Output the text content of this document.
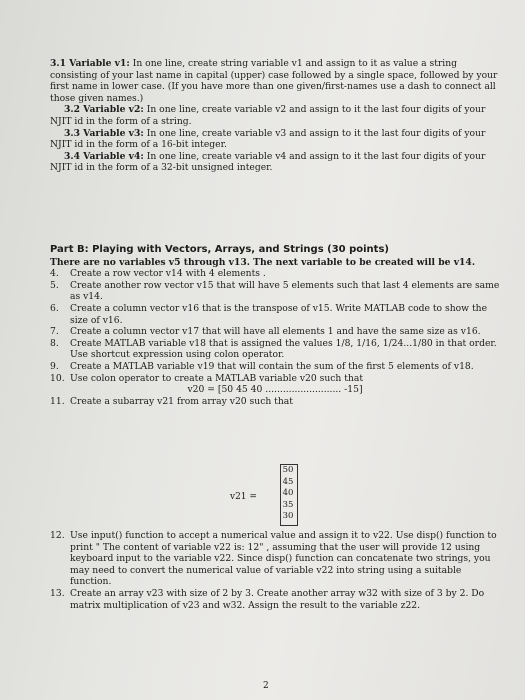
3.1 Variable v1: In one line, create string variable v1 and assign to it as value a string consisting of your last name in capital (upper) case followed by a single space, followed by your first name in lower case. (If you have more than one given/first-names use a dash to connect all those given names.)

3.2 Variable v2: In one line, create variable v2 and assign to it the last four digits of your NJIT id in the form of a string.

3.3 Variable v3: In one line, create variable v3 and assign to it the last four digits of your NJIT id in the form of a 16-bit integer.

3.4 Variable v4: In one line, create variable v4 and assign to it the last four digits of your NJIT id in the form of a 32-bit unsigned integer.

Part B: Playing with Vectors, Arrays, and Strings (30 points)

There are no variables v5 through v13. The next variable to be created will be v14.

4.	Create a row vector v14 with 4 elements .
5.	Create another row vector v15 that will have 5 elements such that last 4 elements are same as v14.
6.	Create a column vector v16 that is the transpose of v15. Write MATLAB code to show the size of v16.
7.	Create a column vector v17 that will have all elements 1 and have the same size as v16.
8.	Create MATLAB variable v18 that is assigned the values 1/8, 1/16, 1/24...1/80 in that order. Use shortcut expression using colon operator.
9.	Create a MATLAB variable v19 that will contain the sum of the first 5 elements of v18.
10. Use colon operator to create a MATLAB variable v20 such that

v20 = [50 45 40 .......................... -15]

11. Create a subarray v21 from array v20 such that
v21 =
50
45
40
35
30
12. Use input() function to accept a numerical value and assign it to v22. Use disp() function to print " The content of variable v22 is: 12" , assuming that the user will provide 12 using keyboard input to the variable v22. Since disp() function can concatenate two strings, you may need to convert the numerical value of variable v22 into string using a suitable function.
13. Create an array v23 with size of 2 by 3. Create another array w32 with size of 3 by 2. Do matrix multiplication of v23 and w32. Assign the result to the variable z22.
2
